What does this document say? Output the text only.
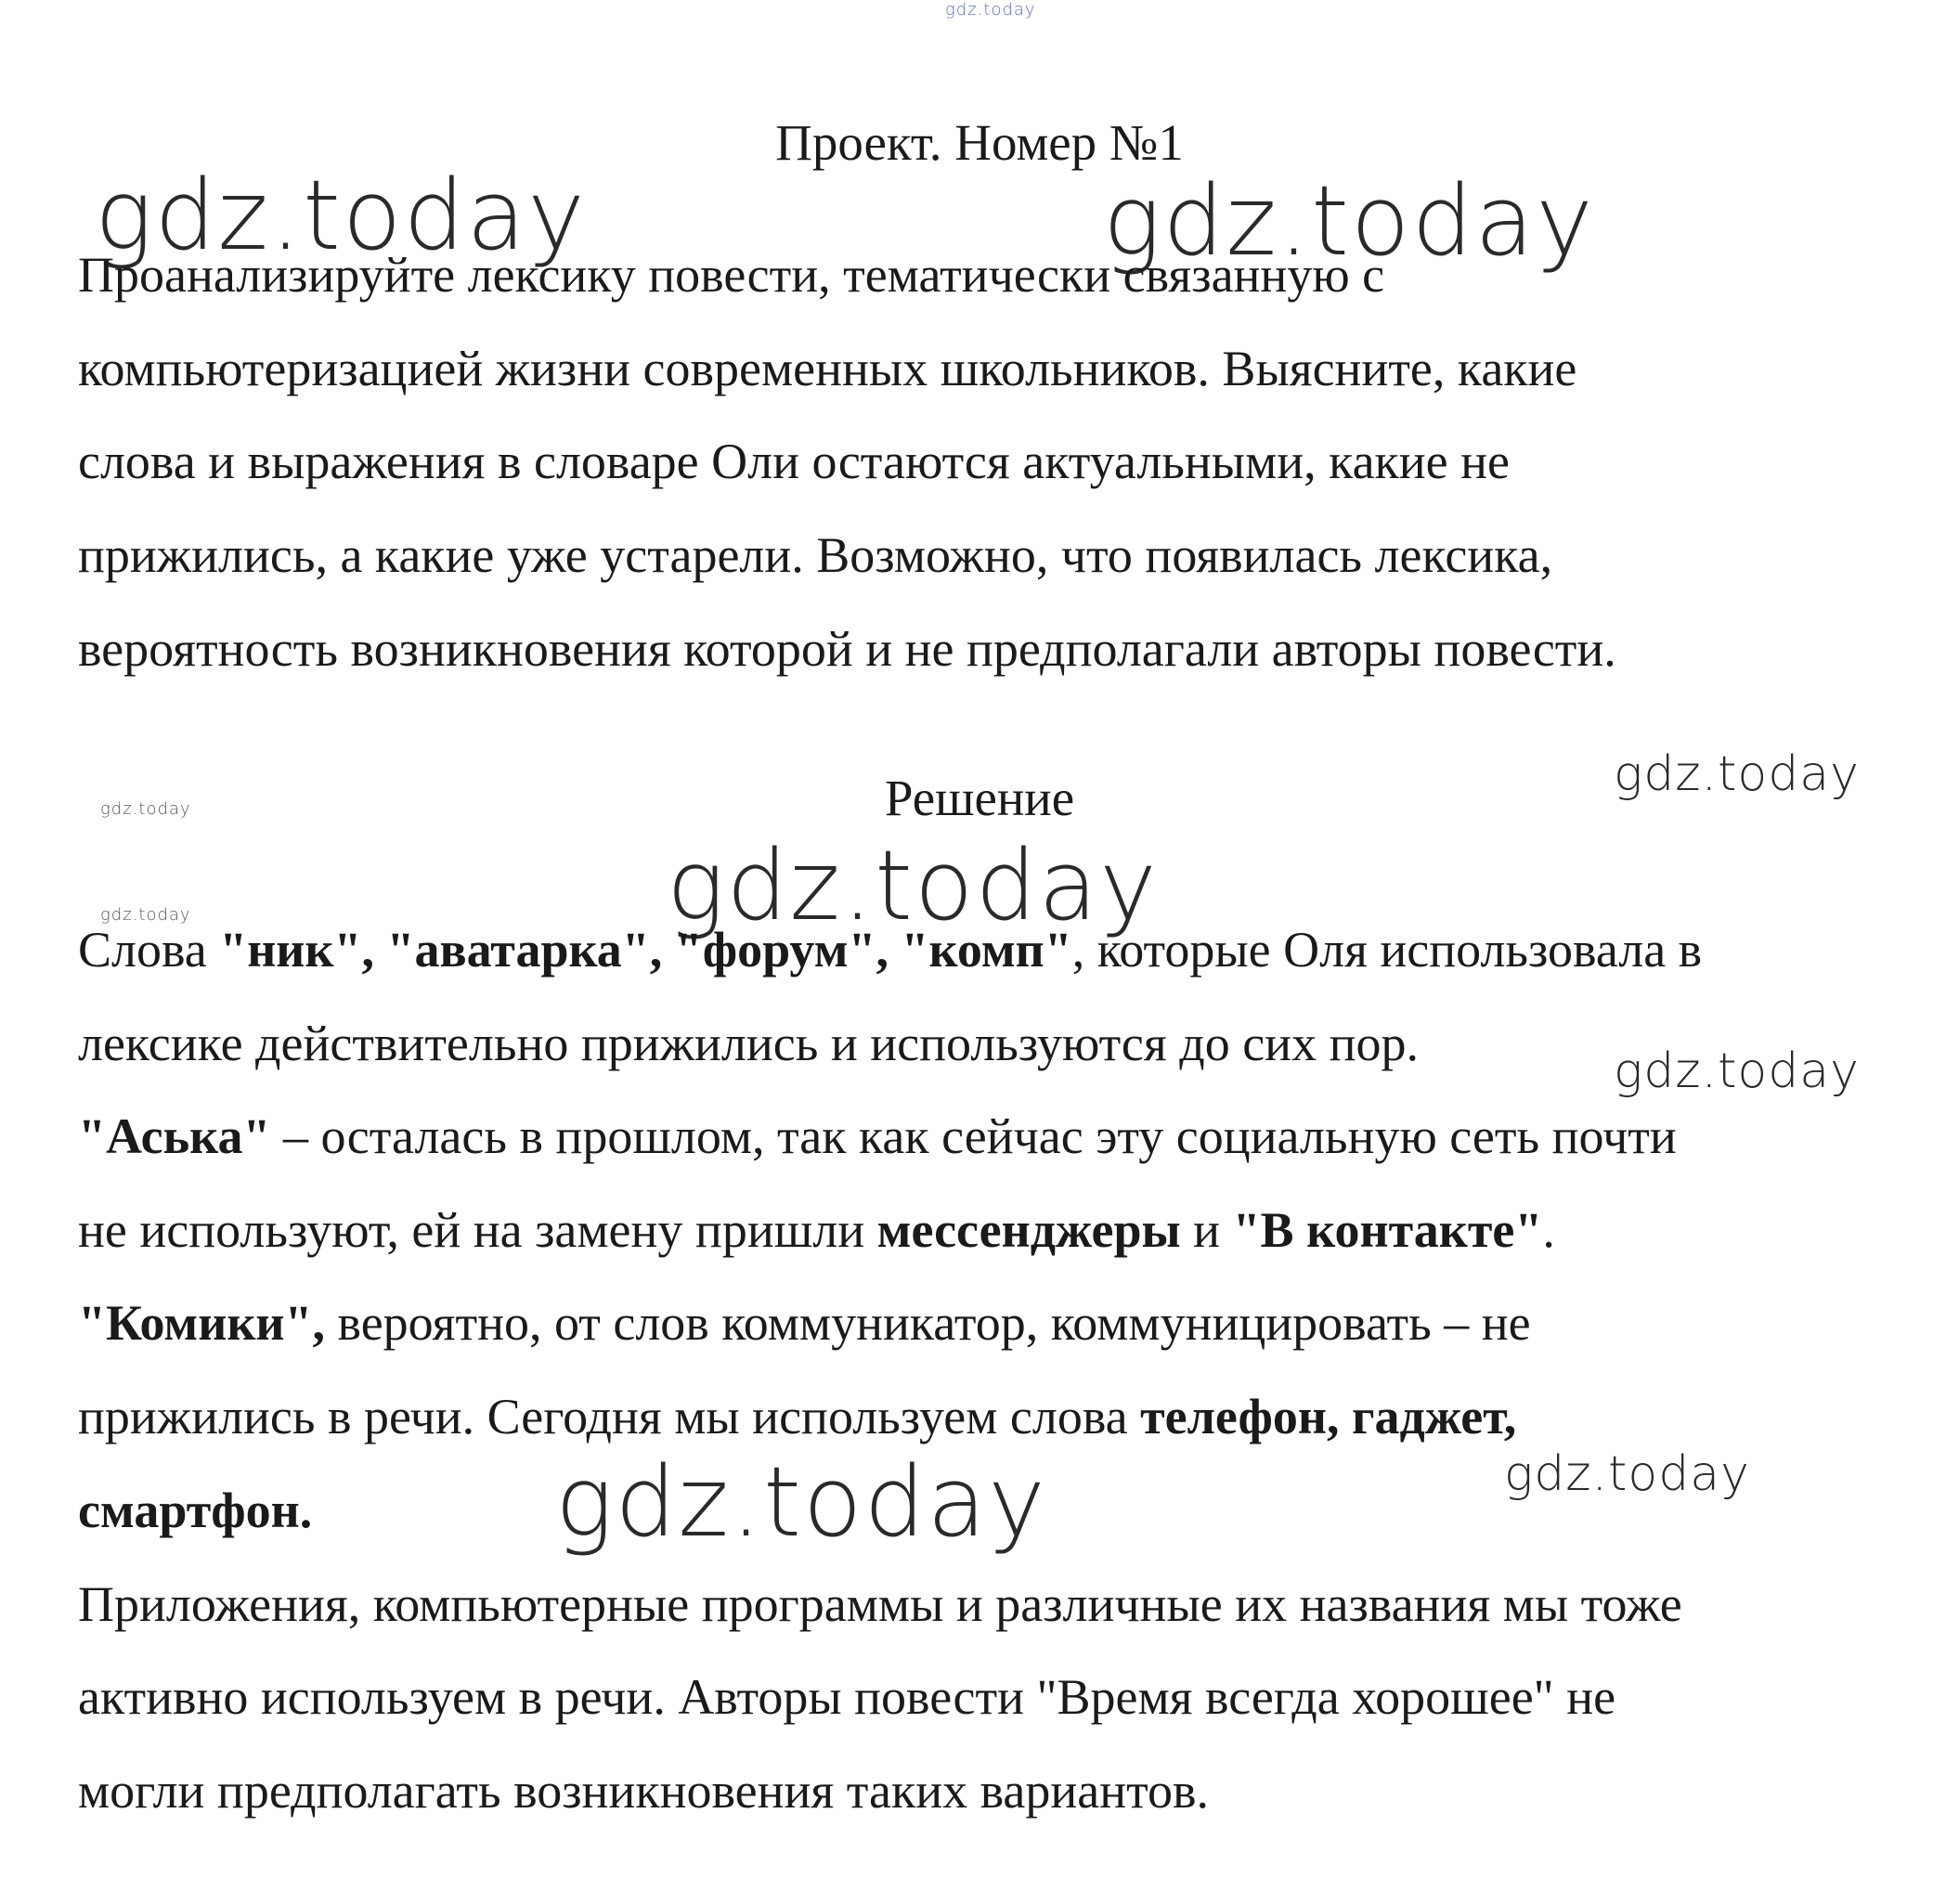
gdz.today
gdz.today	gdz.today
gdz.today
gdz.today
gdz.today
gdz.today
gdz.today
gdz.today
gdz.today
Проект. Номер №1
Проанализируйте лексику повести, тематически связанную с
компьютеризацией жизни современных школьников. Выясните, какие
слова и выражения в словаре Оли остаются актуальными, какие не
прижились, а какие уже устарели. Возможно, что появилась лексика,
вероятность возникновения которой и не предполагали авторы повести.
Решение
Слова "ник", "аватарка", "форум", "комп", которые Оля использовала в
лексике действительно прижились и используются до сих пор.
"Аська" – осталась в прошлом, так как сейчас эту социальную сеть почти
не используют, ей на замену пришли мессенджеры и "В контакте".
"Комики", вероятно, от слов коммуникатор, коммуницировать – не
прижились в речи. Сегодня мы используем слова телефон, гаджет,
смартфон.
Приложения, компьютерные программы и различные их названия мы тоже
активно используем в речи. Авторы повести "Время всегда хорошее" не
могли предполагать возникновения таких вариантов.
